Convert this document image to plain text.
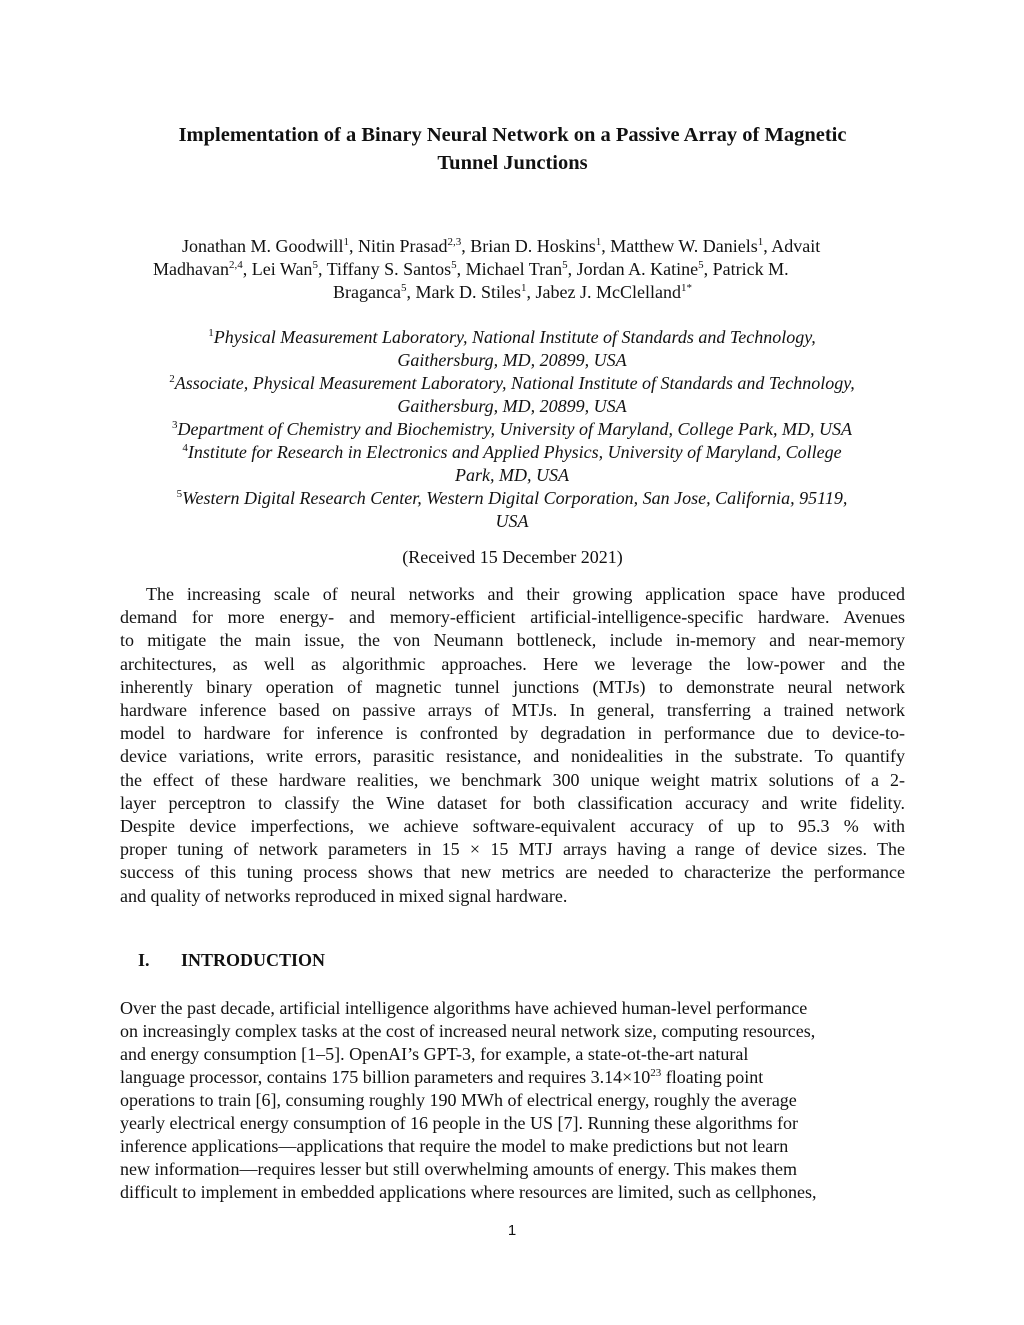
Implementation of a Binary Neural Network on a Passive Array of Magnetic
Tunnel Junctions
Jonathan M. Goodwill$^1$, Nitin Prasad$^{2,3}$, Brian D. Hoskins$^1$, Matthew W. Daniels$^1$, Advait
Madhavan$^{2,4}$, Lei Wan$^5$, Tiffany S. Santos$^5$, Michael Tran$^5$, Jordan A. Katine$^5$, Patrick M.
Braganca$^5$, Mark D. Stiles$^1$, Jabez J. McClelland$^{1*}$
$^1$Physical Measurement Laboratory, National Institute of Standards and Technology,
Gaithersburg, MD, 20899, USA
$^2$Associate, Physical Measurement Laboratory, National Institute of Standards and Technology,
Gaithersburg, MD, 20899, USA
$^3$Department of Chemistry and Biochemistry, University of Maryland, College Park, MD, USA
$^4$Institute for Research in Electronics and Applied Physics, University of Maryland, College
Park, MD, USA
$^5$Western Digital Research Center, Western Digital Corporation, San Jose, California, 95119,
USA
(Received 15 December 2021)
The increasing scale of neural networks and their growing application space have produced
demand for more energy- and memory-efficient artificial-intelligence-specific hardware. Avenues
to mitigate the main issue, the von Neumann bottleneck, include in-memory and near-memory
architectures, as well as algorithmic approaches. Here we leverage the low-power and the
inherently binary operation of magnetic tunnel junctions (MTJs) to demonstrate neural network
hardware inference based on passive arrays of MTJs. In general, transferring a trained network
model to hardware for inference is confronted by degradation in performance due to device-to-
device variations, write errors, parasitic resistance, and nonidealities in the substrate. To quantify
the effect of these hardware realities, we benchmark 300 unique weight matrix solutions of a 2-
layer perceptron to classify the Wine dataset for both classification accuracy and write fidelity.
Despite device imperfections, we achieve software-equivalent accuracy of up to 95.3 % with
proper tuning of network parameters in 15 × 15 MTJ arrays having a range of device sizes. The
success of this tuning process shows that new metrics are needed to characterize the performance
and quality of networks reproduced in mixed signal hardware.
Over the past decade, artificial intelligence algorithms have achieved human-level performance
on increasingly complex tasks at the cost of increased neural network size, computing resources,
and energy consumption [1–5]. OpenAI’s GPT-3, for example, a state-ot-the-art natural
language processor, contains 175 billion parameters and requires $3.14\times 10^{23}$ floating point
operations to train [6], consuming roughly 190 MWh of electrical energy, roughly the average
yearly electrical energy consumption of 16 people in the US [7]. Running these algorithms for
inference applications—applications that require the model to make predictions but not learn
new information—requires lesser but still overwhelming amounts of energy. This makes them
difficult to implement in embedded applications where resources are limited, such as cellphones,
I. INTRODUCTION
1
